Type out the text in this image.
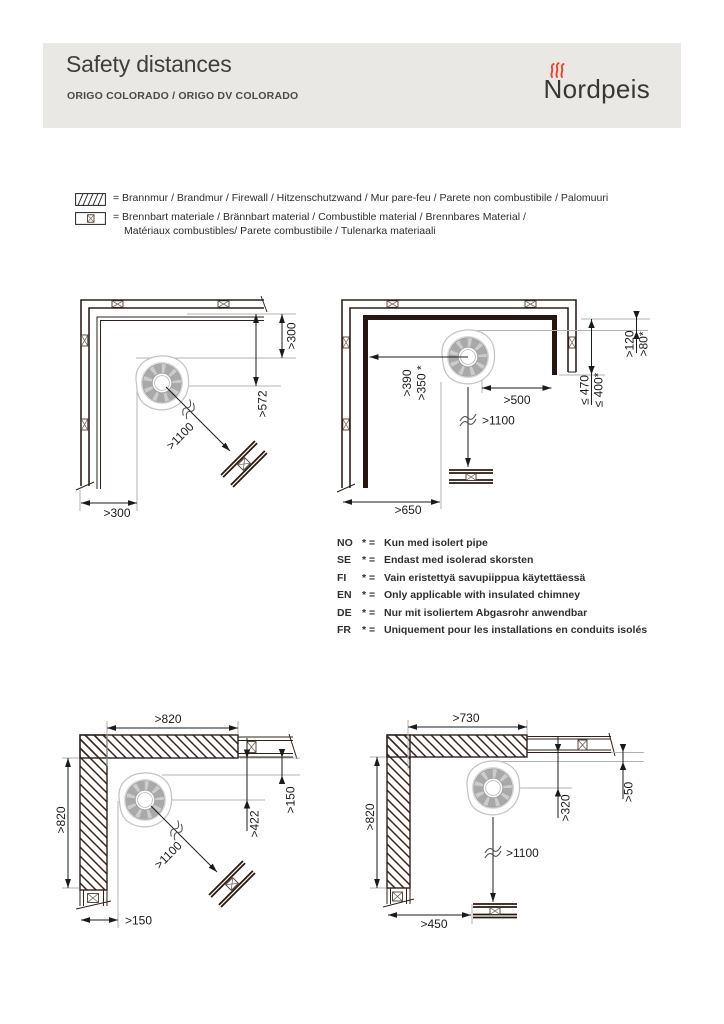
Safety distances
ORIGO COLORADO / ORIGO DV COLORADO	Nordpeis
= Brannmur / Brandmur / Firewall / Hitzenschutzwand / Mur pare-feu / Parete non combustibile / Palomuuri
= Brennbart materiale / Brännbart material / Combustible material / Brennbares Material /
Matériaux combustibles/ Parete combustibile / Tulenarka materiaali
>300
>572
>300
>1100
>390 >350 *	>500
>1100
>650
≤ 470 ≤ 400*
>120 >80*
NO * = Kun med isolert pipe
SE	* = Endast med isolerad skorsten
FI	* = Vain eristettyä savupiippua käytettäessä
EN * = Only applicable with insulated chimney
DE * = Nur mit isoliertem Abgasrohr anwendbar
FR	* = Uniquement pour les installations en conduits isolés
>820
>820
>150
>422
>1100
>150
>730
>820
>50
>320
>1100
>450
